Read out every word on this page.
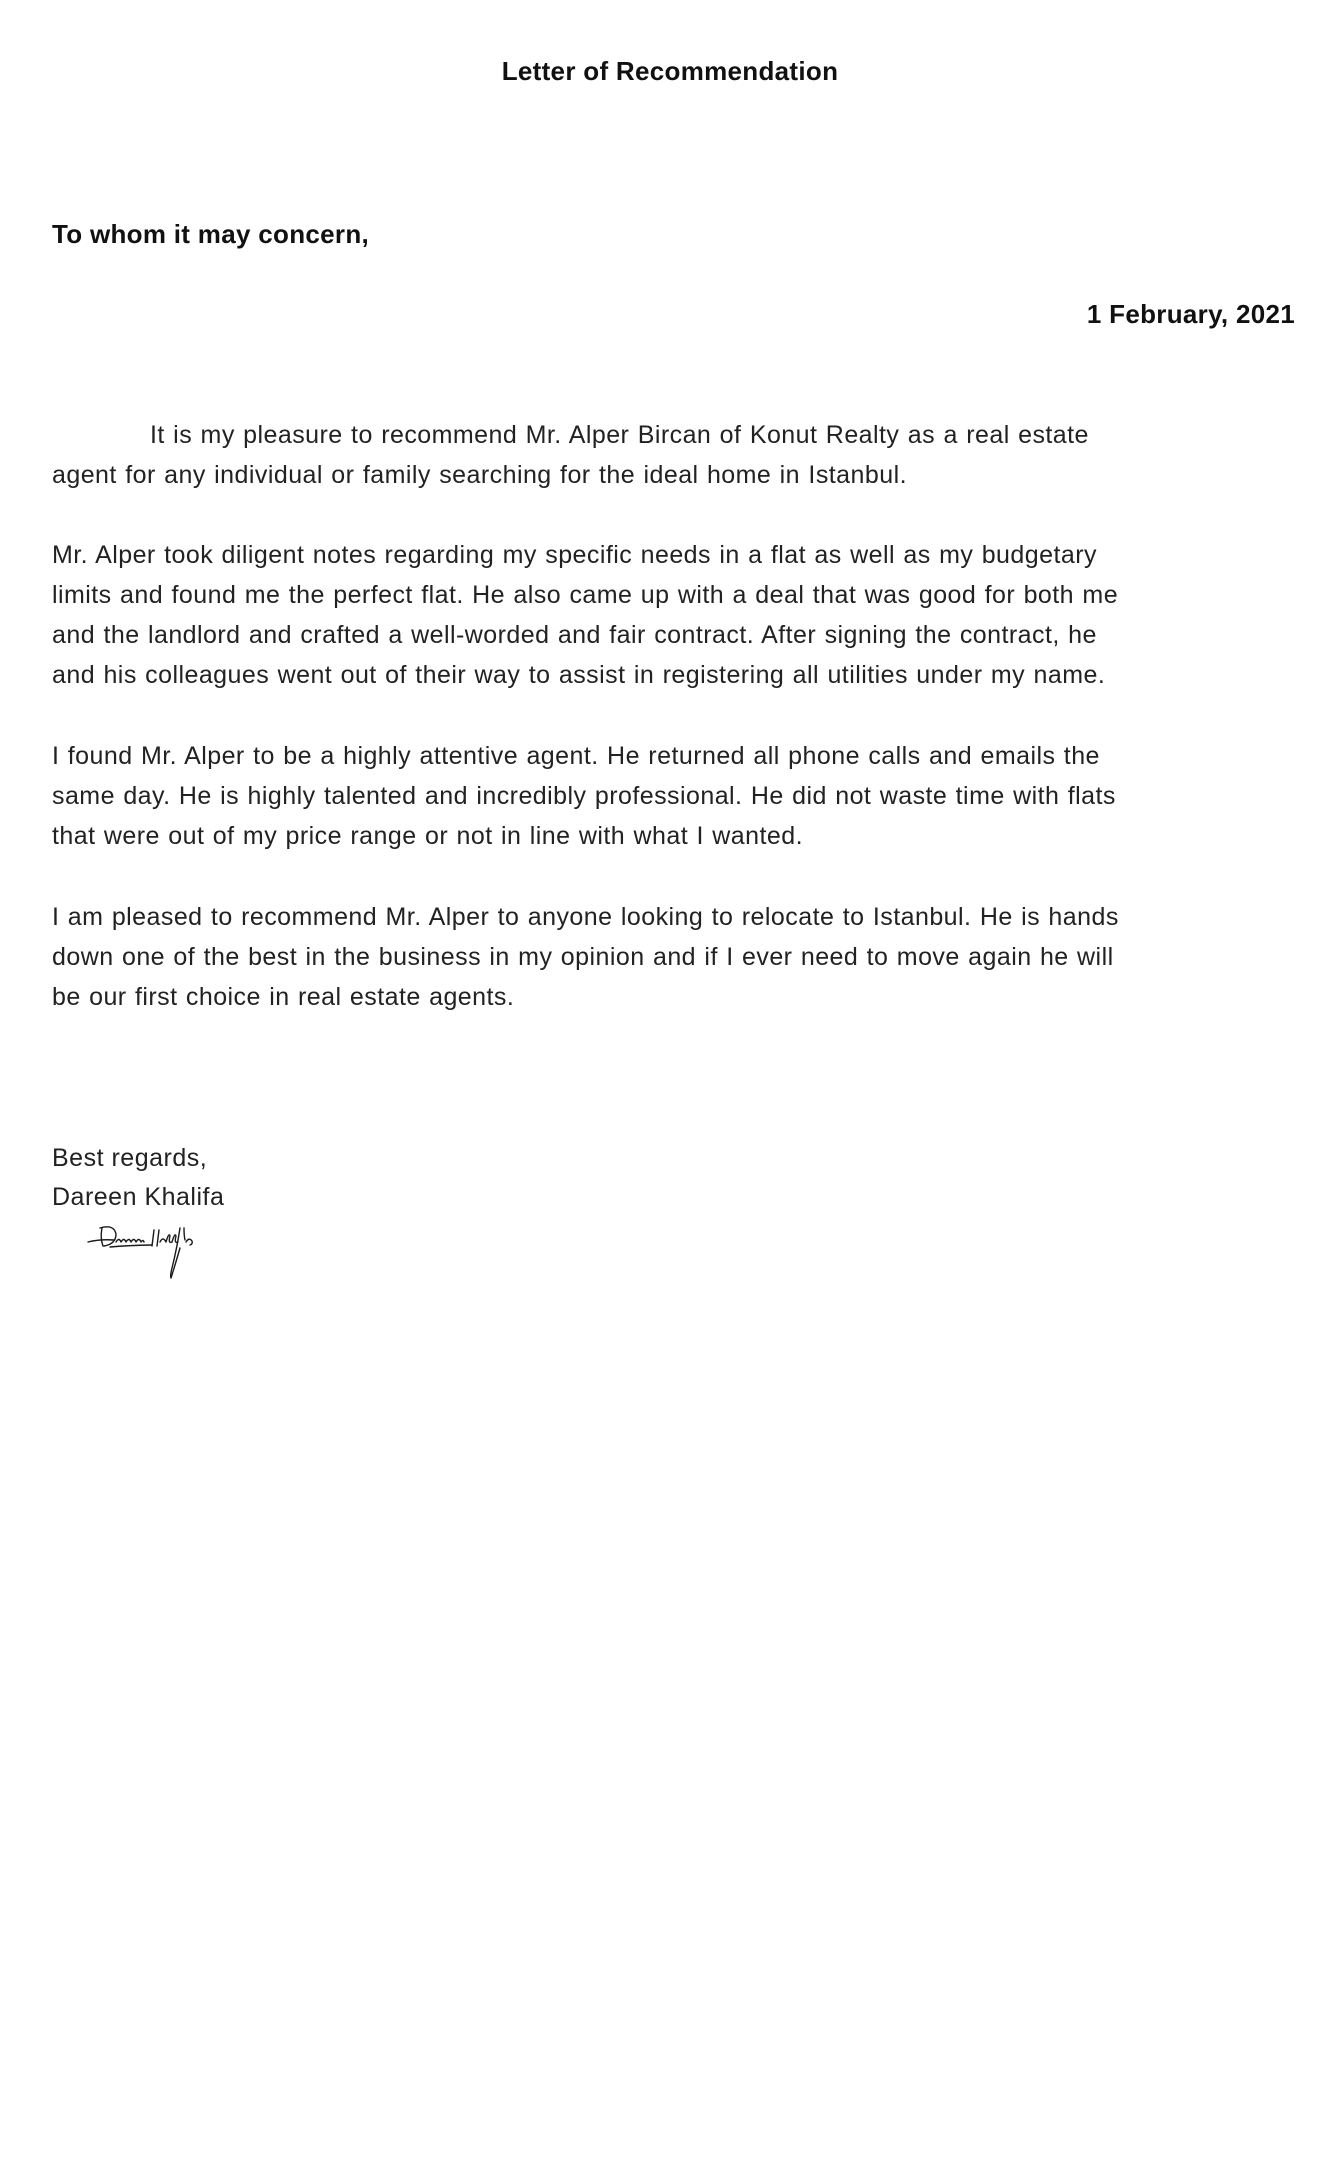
Letter of Recommendation
To whom it may concern,
1 February, 2021
It is my pleasure to recommend Mr. Alper Bircan of Konut Realty as a real estate
agent for any individual or family searching for the ideal home in Istanbul.
Mr. Alper took diligent notes regarding my specific needs in a flat as well as my budgetary
limits and found me the perfect flat. He also came up with a deal that was good for both me
and the landlord and crafted a well-worded and fair contract. After signing the contract, he
and his colleagues went out of their way to assist in registering all utilities under my name.
I found Mr. Alper to be a highly attentive agent. He returned all phone calls and emails the
same day. He is highly talented and incredibly professional. He did not waste time with flats
that were out of my price range or not in line with what I wanted.
I am pleased to recommend Mr. Alper to anyone looking to relocate to Istanbul. He is hands
down one of the best in the business in my opinion and if I ever need to move again he will
be our first choice in real estate agents.
Best regards,
Dareen Khalifa
